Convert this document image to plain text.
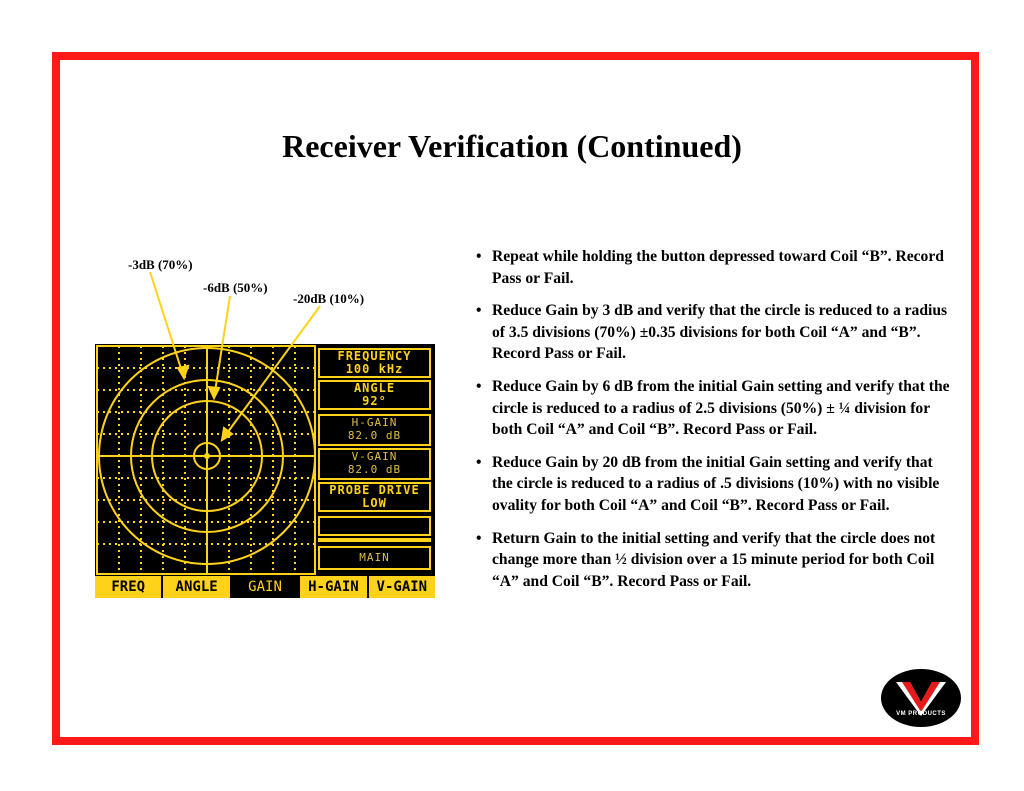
Receiver Verification (Continued)
-3dB (70%)
-6dB (50%)
-20dB (10%)
FREQUENCY
100 kHz
ANGLE
92°
H-GAIN
82.0 dB
V-GAIN
82.0 dB
PROBE DRIVE
LOW
MAIN
FREQ	ANGLE	GAIN	H-GAIN	V-GAIN
• Repeat while holding the button depressed toward Coil “B”. Record Pass or Fail.
• Reduce Gain by 3 dB and verify that the circle is reduced to a radius of 3.5 divisions (70%) ±0.35 divisions for both Coil “A” and “B”. Record Pass or Fail.
• Reduce Gain by 6 dB from the initial Gain setting and verify that the circle is reduced to a radius of 2.5 divisions (50%) ± ¼ division for both Coil “A” and Coil “B”. Record Pass or Fail.
• Reduce Gain by 20 dB from the initial Gain setting and verify that the circle is reduced to a radius of .5 divisions (10%) with no visible ovality for both Coil “A” and Coil “B”. Record Pass or Fail.
• Return Gain to the initial setting and verify that the circle does not change more than ½ division over a 15 minute period for both Coil “A” and Coil “B”. Record Pass or Fail.
VM PRODUCTS
